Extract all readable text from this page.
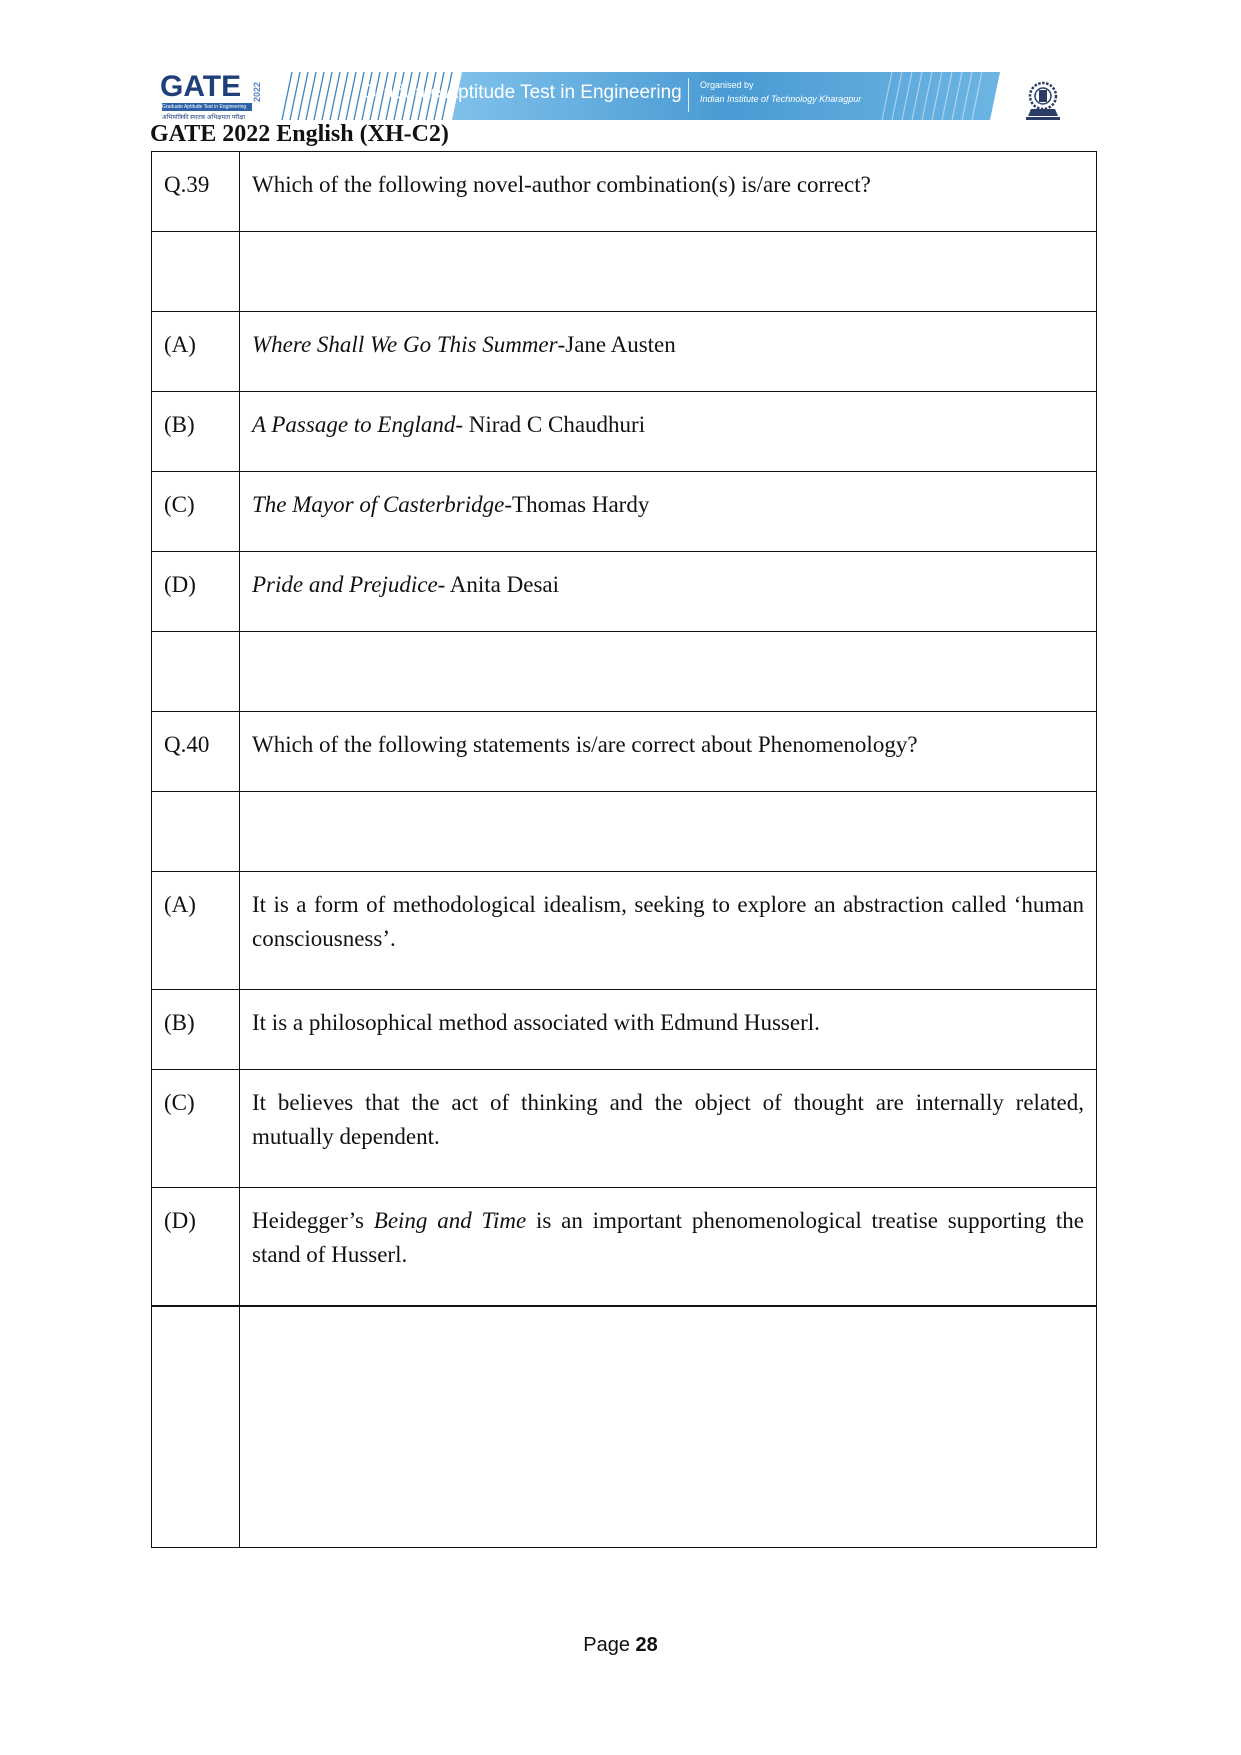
GATE 2022
Graduate Aptitude Test in Engineering
अभियांत्रिकी स्नातक अभिक्षमता परीक्षा
Graduate Aptitude Test in Engineering Organised by
Indian Institute of Technology Kharagpur
GATE 2022 English (XH-C2)
Q.39	Which of the following novel-author combination(s) is/are correct?

(A)	Where Shall We Go This Summer-Jane Austen
(B)	A Passage to England- Nirad C Chaudhuri
(C)	The Mayor of Casterbridge-Thomas Hardy
(D)	Pride and Prejudice- Anita Desai

Q.40	Which of the following statements is/are correct about Phenomenology?

(A)	It is a form of methodological idealism, seeking to explore an abstraction called ‘human consciousness’.
(B)	It is a philosophical method associated with Edmund Husserl.
(C)	It believes that the act of thinking and the object of thought are internally related, mutually dependent.
(D)	Heidegger’s Being and Time is an important phenomenological treatise supporting the stand of Husserl.

Page 28
